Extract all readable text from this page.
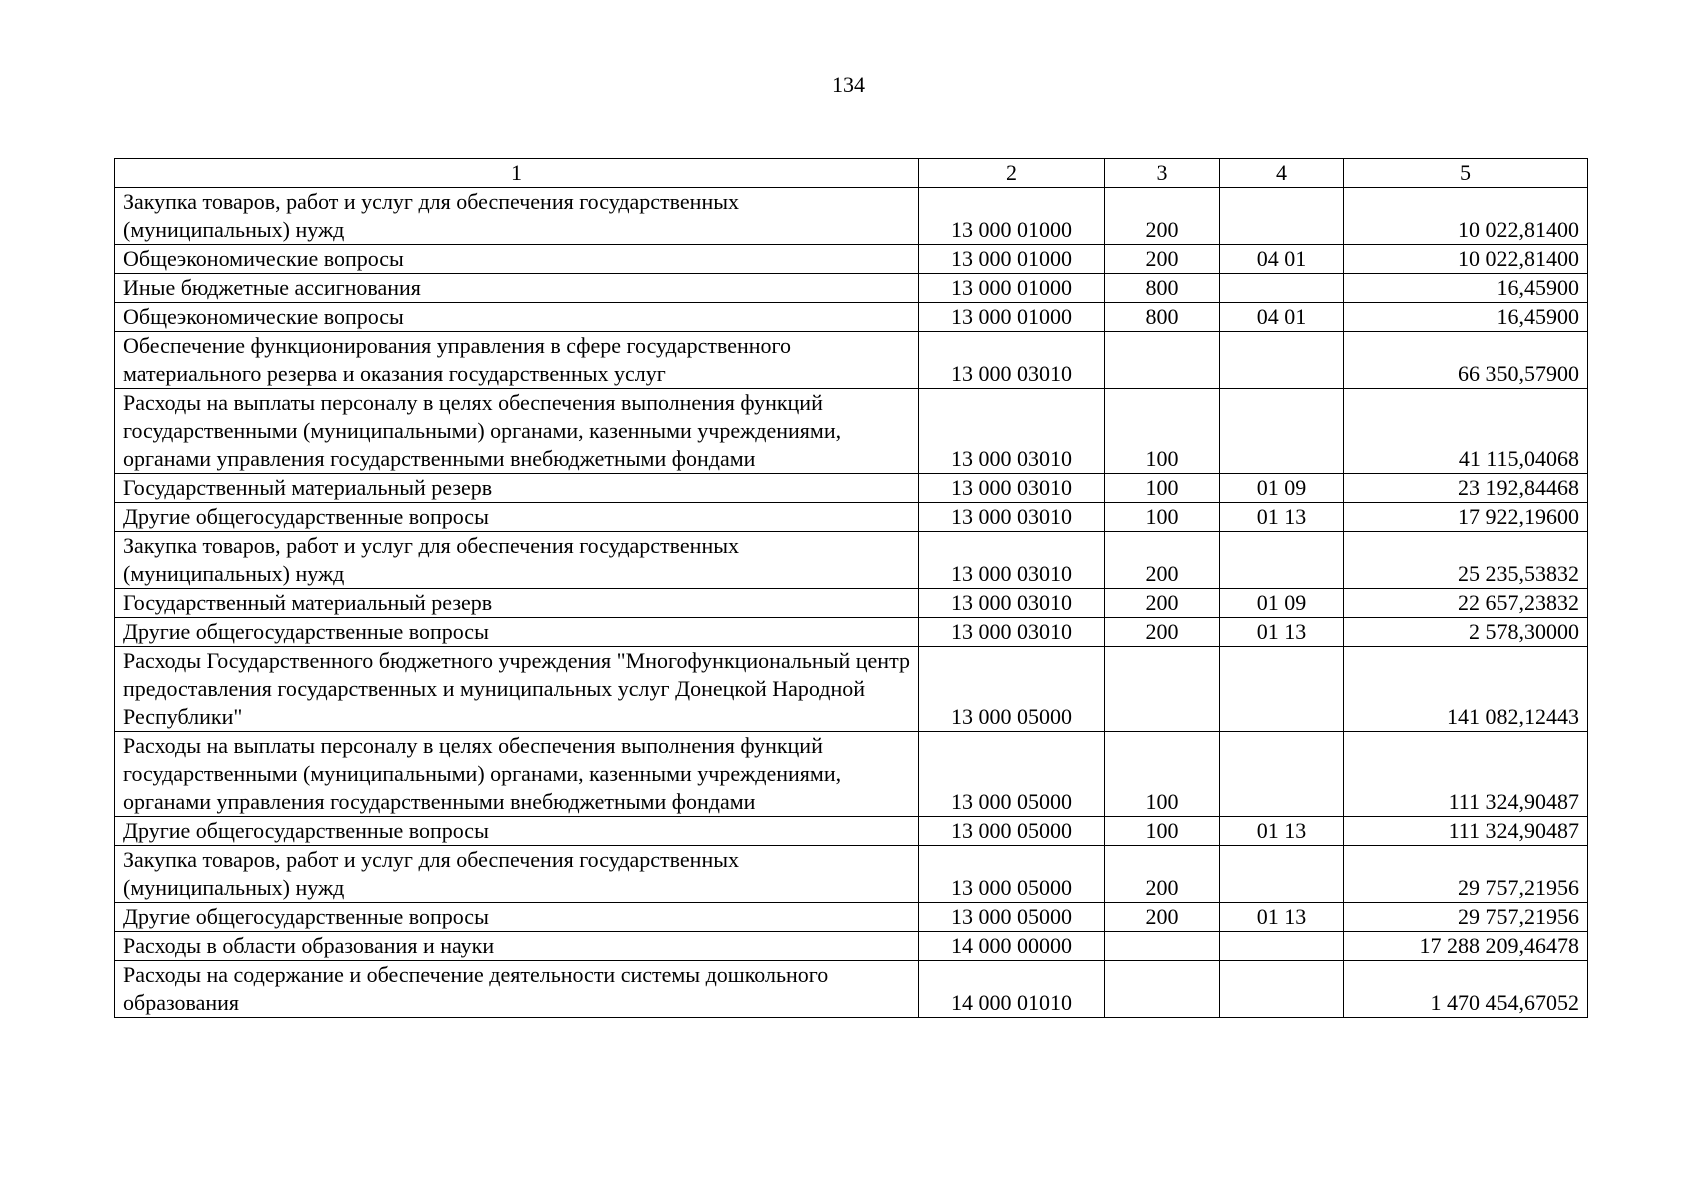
134
1	2	3	4	5
Закупка товаров, работ и услуг для обеспечения государственных (муниципальных) нужд	13 000 01000	200		10 022,81400
Общеэкономические вопросы	13 000 01000	200	04 01	10 022,81400
Иные бюджетные ассигнования	13 000 01000	800		16,45900
Общеэкономические вопросы	13 000 01000	800	04 01	16,45900
Обеспечение функционирования управления в сфере государственного материального резерва и оказания государственных услуг	13 000 03010			66 350,57900
Расходы на выплаты персоналу в целях обеспечения выполнения функций государственными (муниципальными) органами, казенными учреждениями, органами управления государственными внебюджетными фондами	13 000 03010	100		41 115,04068
Государственный материальный резерв	13 000 03010	100	01 09	23 192,84468
Другие общегосударственные вопросы	13 000 03010	100	01 13	17 922,19600
Закупка товаров, работ и услуг для обеспечения государственных (муниципальных) нужд	13 000 03010	200		25 235,53832
Государственный материальный резерв	13 000 03010	200	01 09	22 657,23832
Другие общегосударственные вопросы	13 000 03010	200	01 13	2 578,30000
Расходы Государственного бюджетного учреждения "Многофункциональный центр предоставления государственных и муниципальных услуг Донецкой Народной Республики"	13 000 05000			141 082,12443
Расходы на выплаты персоналу в целях обеспечения выполнения функций государственными (муниципальными) органами, казенными учреждениями, органами управления государственными внебюджетными фондами	13 000 05000	100		111 324,90487
Другие общегосударственные вопросы	13 000 05000	100	01 13	111 324,90487
Закупка товаров, работ и услуг для обеспечения государственных (муниципальных) нужд	13 000 05000	200		29 757,21956
Другие общегосударственные вопросы	13 000 05000	200	01 13	29 757,21956
Расходы в области образования и науки	14 000 00000			17 288 209,46478
Расходы на содержание и обеспечение деятельности системы дошкольного образования	14 000 01010			1 470 454,67052
